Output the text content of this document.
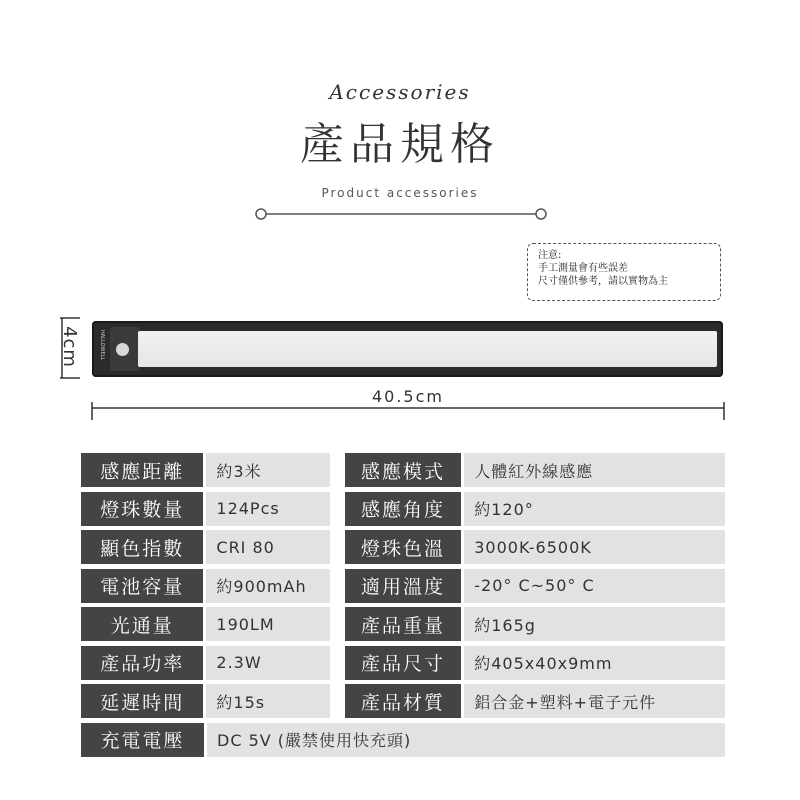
Accessories
產品規格
Product accessories
注意:
手工測量會有些誤差
尺寸僅供參考，請以實物為主
4cm	HALLOWELL
40.5cm
感應距離	約3米	感應模式	人體紅外線感應
燈珠數量	124Pcs	感應角度	約120°
顯色指數	CRI 80	燈珠色溫	3000K-6500K
電池容量	約900mAh	適用溫度	-20° C~50° C
光通量	190LM	產品重量	約165g
產品功率	2.3W	產品尺寸	約405x40x9mm
延遲時間	約15s	產品材質	鋁合金+塑料+電子元件
充電電壓	DC 5V (嚴禁使用快充頭)
